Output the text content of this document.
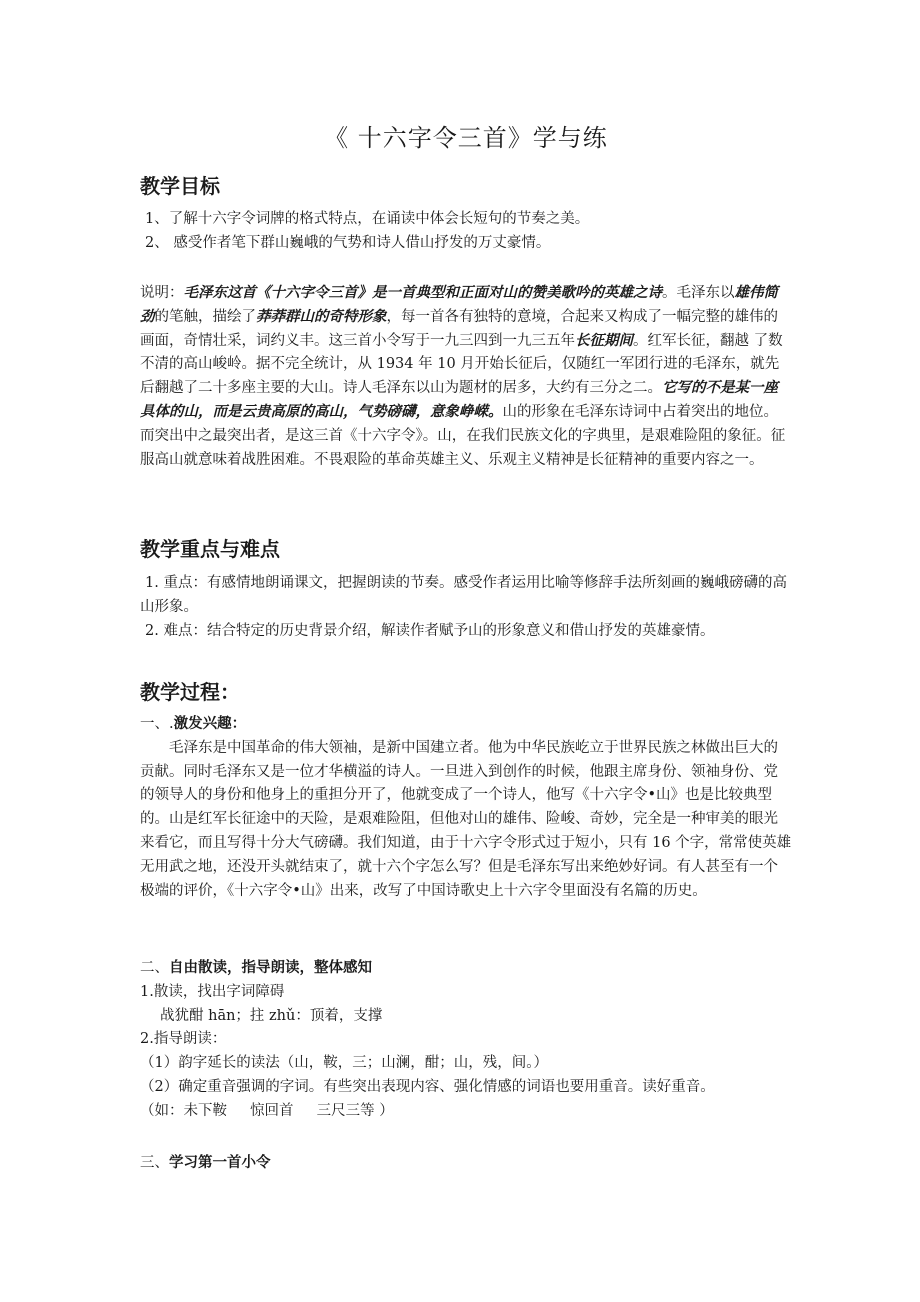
《 十六字令三首》学与练
教学目标
1、了解十六字令词牌的格式特点，在诵读中体会长短句的节奏之美。
2、 感受作者笔下群山巍峨的气势和诗人借山抒发的万丈豪情。
说明：毛泽东这首《十六字令三首》是一首典型和正面对山的赞美歌吟的英雄之诗。毛泽东以雄伟简劲的笔触，描绘了莽莽群山的奇特形象，每一首各有独特的意境，合起来又构成了一幅完整的雄伟的画面，奇情壮采，词约义丰。这三首小令写于一九三四到一九三五年长征期间。红军长征，翻越 了数不清的高山峻岭。据不完全统计，从 1934 年 10 月开始长征后，仅随红一军团行进的毛泽东，就先后翻越了二十多座主要的大山。诗人毛泽东以山为题材的居多，大约有三分之二。它写的不是某一座具体的山，而是云贵高原的高山，气势磅礴，意象峥嵘。山的形象在毛泽东诗词中占着突出的地位。而突出中之最突出者，是这三首《十六字令》。山，在我们民族文化的字典里，是艰难险阻的象征。征服高山就意味着战胜困难。不畏艰险的革命英雄主义、乐观主义精神是长征精神的重要内容之一。
教学重点与难点
1. 重点：有感情地朗诵课文，把握朗读的节奏。感受作者运用比喻等修辞手法所刻画的巍峨磅礴的高山形象。
2. 难点：结合特定的历史背景介绍，解读作者赋予山的形象意义和借山抒发的英雄豪情。
教学过程：
一、.激发兴趣：
毛泽东是中国革命的伟大领袖，是新中国建立者。他为中华民族屹立于世界民族之林做出巨大的贡献。同时毛泽东又是一位才华横溢的诗人。一旦进入到创作的时候，他跟主席身份、领袖身份、党的领导人的身份和他身上的重担分开了，他就变成了一个诗人，他写《十六字令•山》也是比较典型的。山是红军长征途中的天险，是艰难险阻，但他对山的雄伟、险峻、奇妙，完全是一种审美的眼光来看它，而且写得十分大气磅礴。我们知道，由于十六字令形式过于短小，只有 16 个字，常常使英雄无用武之地，还没开头就结束了，就十六个字怎么写？但是毛泽东写出来绝妙好词。有人甚至有一个极端的评价，《十六字令•山》出来，改写了中国诗歌史上十六字令里面没有名篇的历史。
二、自由散读，指导朗读，整体感知
1.散读，找出字词障碍
战犹酣 hān；拄 zhǔ：顶着，支撑
2.指导朗读：
（1）韵字延长的读法（山，鞍，三；山澜，酣；山，残，间。）
（2）确定重音强调的字词。有些突出表现内容、强化情感的词语也要用重音。读好重音。
（如：未下鞍     惊回首     三尺三等 ）
三、学习第一首小令
